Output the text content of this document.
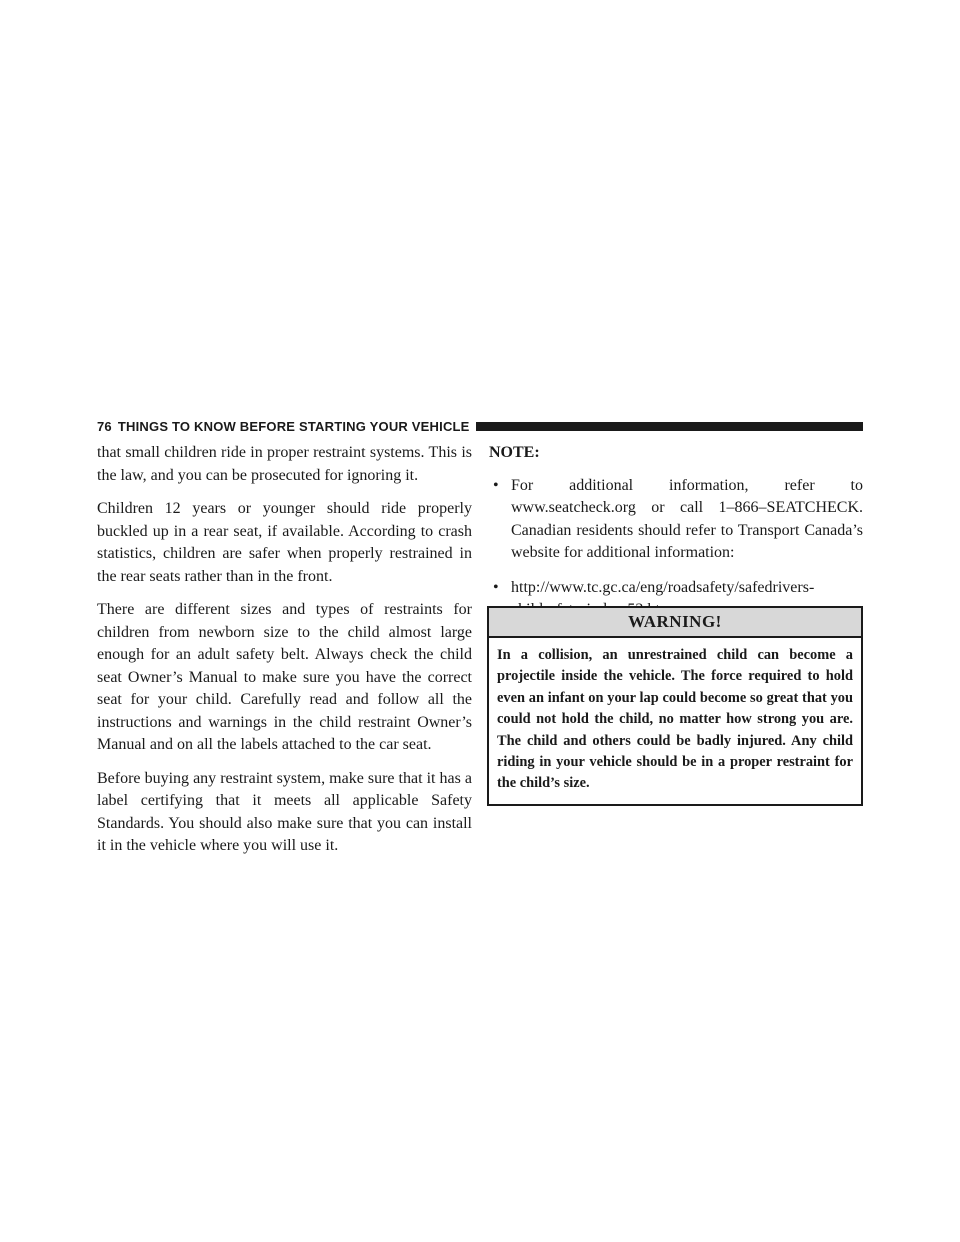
76 THINGS TO KNOW BEFORE STARTING YOUR VEHICLE

that small children ride in proper restraint systems. This is the law, and you can be prosecuted for ignoring it.

Children 12 years or younger should ride properly buckled up in a rear seat, if available. According to crash statistics, children are safer when properly restrained in the rear seats rather than in the front.

There are different sizes and types of restraints for children from newborn size to the child almost large enough for an adult safety belt. Always check the child seat Owner’s Manual to make sure you have the correct seat for your child. Carefully read and follow all the instructions and warnings in the child restraint Owner’s Manual and on all the labels attached to the car seat.

Before buying any restraint system, make sure that it has a label certifying that it meets all applicable Safety Standards. You should also make sure that you can install it in the vehicle where you will use it.

NOTE:

• For additional information, refer to www.seatcheck.org or call 1–866–SEATCHECK. Canadian residents should refer to Transport Canada’s website for additional information:
• http://www.tc.gc.ca/eng/roadsafety/safedrivers-
WARNING!
In a collision, an unrestrained child can become a projectile inside the vehicle. The force required to hold even an infant on your lap could become so great that you could not hold the child, no matter how strong you are. The child and others could be badly injured. Any child riding in your vehicle should be in a proper restraint for the child’s size.
